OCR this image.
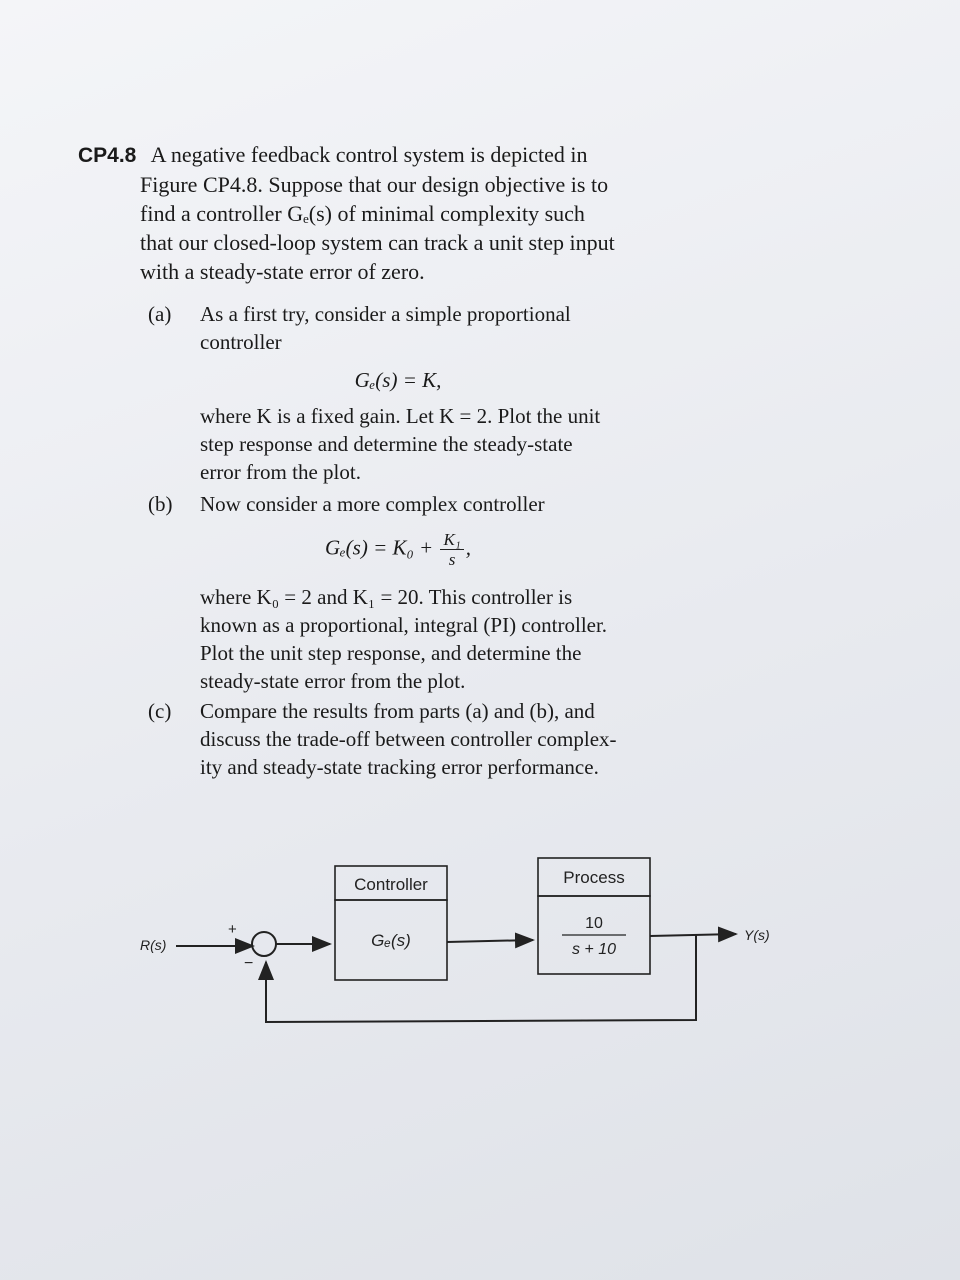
CP4.8 A negative feedback control system is depicted in
Figure CP4.8. Suppose that our design objective is to
find a controller Gₑ(s) of minimal complexity such
that our closed-loop system can track a unit step input
with a steady-state error of zero.
(a)	As a first try, consider a simple proportional
controller
Gₑ(s) = K,
where K is a fixed gain. Let K = 2. Plot the unit
step response and determine the steady-state
error from the plot.
(b)	Now consider a more complex controller
$G_e(s) = K_0 + \frac{\text{K₁}}{s}$ ,
where K₀ = 2 and K₁ = 20. This controller is
known as a proportional, integral (PI) controller.
Plot the unit step response, and determine the
steady-state error from the plot.
(c)	Compare the results from parts (a) and (b), and
discuss the trade-off between controller complex-
ity and steady-state tracking error performance.
R(s)
+
−
Controller
Gₑ(s)
Process
10
s + 10
Y(s)
